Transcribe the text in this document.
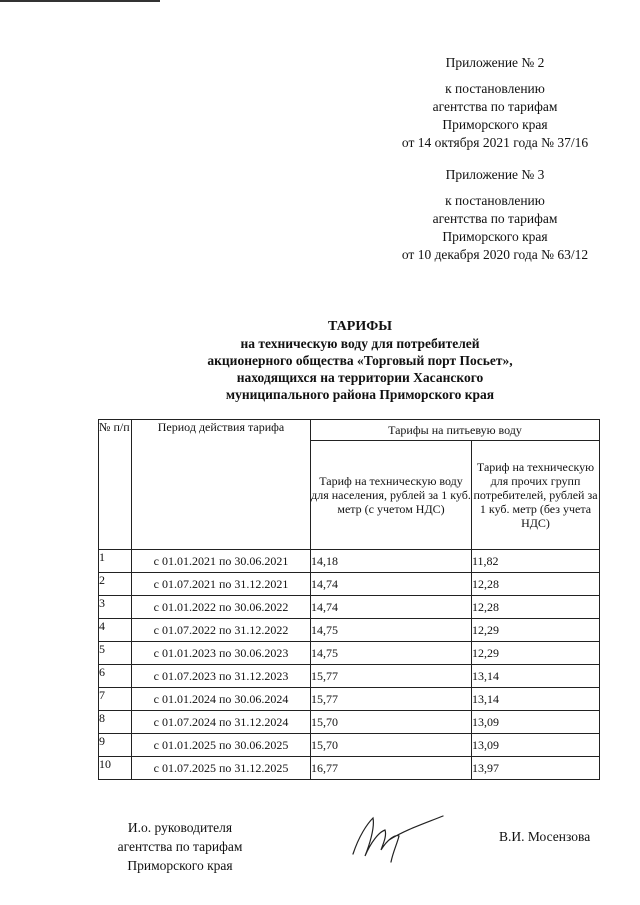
Приложение № 2
к постановлению
агентства по тарифам
Приморского края
от 14 октября 2021 года № 37/16
Приложение № 3
к постановлению
агентства по тарифам
Приморского края
от 10 декабря 2020 года № 63/12
ТАРИФЫ
на техническую воду для потребителей
акционерного общества «Торговый порт Посьет»,
находящихся на территории Хасанского
муниципального района Приморского края
№ п/п	Период действия тарифа	Тарифы на питьевую воду	
		Тариф на техническую воду для населения, рублей за 1 куб. метр (с учетом НДС)	Тариф на техническую для прочих групп потребителей, рублей за 1 куб. метр (без учета НДС)
1	с 01.01.2021 по 30.06.2021	14,18	11,82
2	с 01.07.2021 по 31.12.2021	14,74	12,28
3	с 01.01.2022 по 30.06.2022	14,74	12,28
4	с 01.07.2022 по 31.12.2022	14,75	12,29
5	с 01.01.2023 по 30.06.2023	14,75	12,29
6	с 01.07.2023 по 31.12.2023	15,77	13,14
7	с 01.01.2024 по 30.06.2024	15,77	13,14
8	с 01.07.2024 по 31.12.2024	15,70	13,09
9	с 01.01.2025 по 30.06.2025	15,70	13,09
10	с 01.07.2025 по 31.12.2025	16,77	13,97
И.о. руководителя
агентства по тарифам
Приморского края
В.И. Мосензова
